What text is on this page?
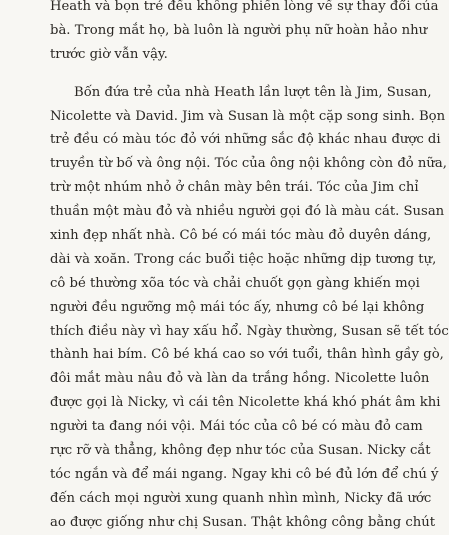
Heath và bọn trẻ đều không phiền lòng về sự thay đổi của
bà. Trong mắt họ, bà luôn là người phụ nữ hoàn hảo như
trước giờ vẫn vậy.
Bốn đứa trẻ của nhà Heath lần lượt tên là Jim, Susan,
Nicolette và David. Jim và Susan là một cặp song sinh. Bọn
trẻ đều có màu tóc đỏ với những sắc độ khác nhau được di
truyền từ bố và ông nội. Tóc của ông nội không còn đỏ nữa,
trừ một nhúm nhỏ ở chân mày bên trái. Tóc của Jim chỉ
thuần một màu đỏ và nhiều người gọi đó là màu cát. Susan
xinh đẹp nhất nhà. Cô bé có mái tóc màu đỏ duyên dáng,
dài và xoăn. Trong các buổi tiệc hoặc những dịp tương tự,
cô bé thường xõa tóc và chải chuốt gọn gàng khiến mọi
người đều ngưỡng mộ mái tóc ấy, nhưng cô bé lại không
thích điều này vì hay xấu hổ. Ngày thường, Susan sẽ tết tóc
thành hai bím. Cô bé khá cao so với tuổi, thân hình gầy gò,
đôi mắt màu nâu đỏ và làn da trắng hồng. Nicolette luôn
được gọi là Nicky, vì cái tên Nicolette khá khó phát âm khi
người ta đang nói vội. Mái tóc của cô bé có màu đỏ cam
rực rỡ và thẳng, không đẹp như tóc của Susan. Nicky cắt
tóc ngắn và để mái ngang. Ngay khi cô bé đủ lớn để chú ý
đến cách mọi người xung quanh nhìn mình, Nicky đã ước
ao được giống như chị Susan. Thật không công bằng chút
